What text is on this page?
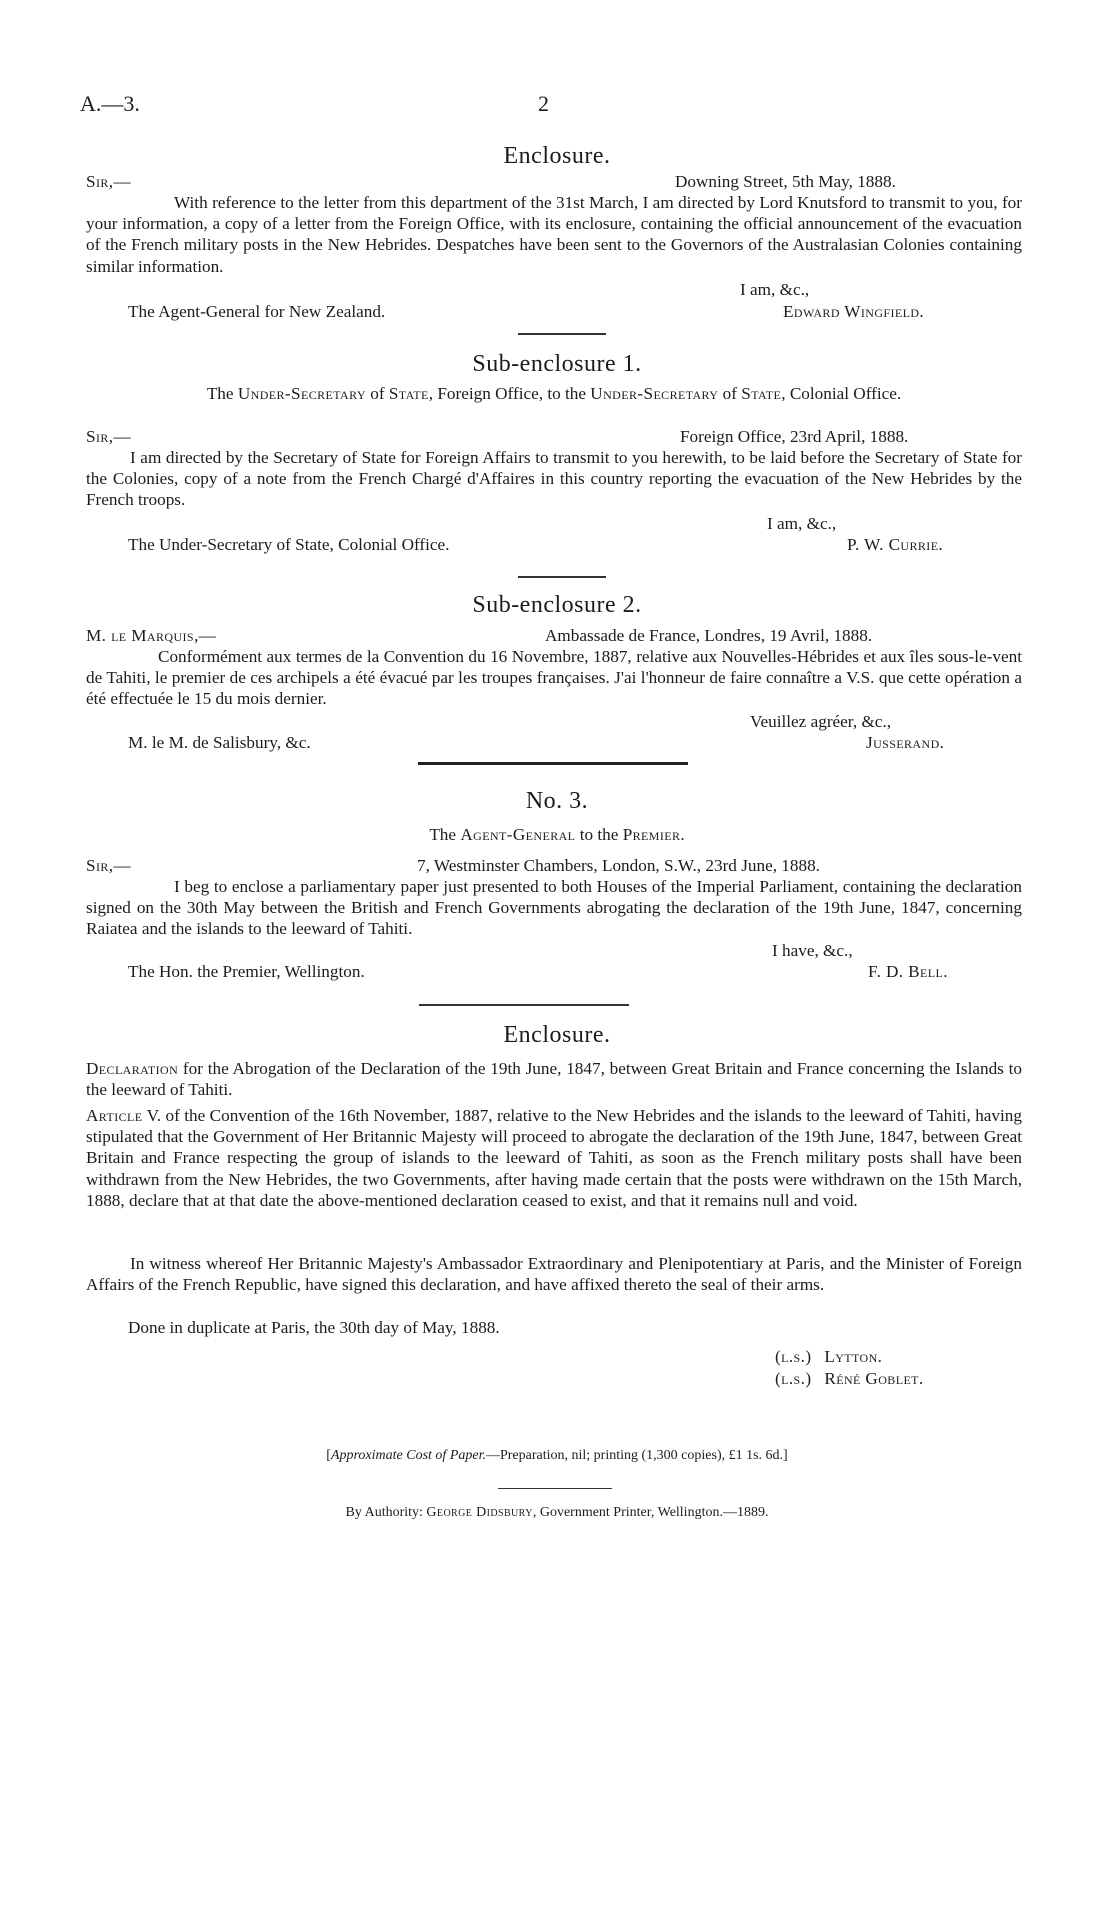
A.—3.	2
Enclosure.
Sir,—	Downing Street, 5th May, 1888.
With reference to the letter from this department of the 31st March, I am directed by Lord Knutsford to transmit to you, for your information, a copy of a letter from the Foreign Office, with its enclosure, containing the official announcement of the evacuation of the French military posts in the New Hebrides. Despatches have been sent to the Governors of the Australasian Colonies containing similar information.
I am, &c.,
The Agent-General for New Zealand.	Edward Wingfield.
Sub-enclosure 1.
The Under-Secretary of State, Foreign Office, to the Under-Secretary of State, Colonial Office.
Sir,—	Foreign Office, 23rd April, 1888.
I am directed by the Secretary of State for Foreign Affairs to transmit to you herewith, to be laid before the Secretary of State for the Colonies, copy of a note from the French Chargé d'Affaires in this country reporting the evacuation of the New Hebrides by the French troops.
I am, &c.,
The Under-Secretary of State, Colonial Office.	P. W. Currie.
Sub-enclosure 2.
M. le Marquis,—	Ambassade de France, Londres, 19 Avril, 1888.
Conformément aux termes de la Convention du 16 Novembre, 1887, relative aux Nouvelles-Hébrides et aux îles sous-le-vent de Tahiti, le premier de ces archipels a été évacué par les troupes françaises. J'ai l'honneur de faire connaître a V.S. que cette opération a été effectuée le 15 du mois dernier.
Veuillez agréer, &c.,
M. le M. de Salisbury, &c.	Jusserand.
No. 3.
The Agent-General to the Premier.
Sir,—	7, Westminster Chambers, London, S.W., 23rd June, 1888.
I beg to enclose a parliamentary paper just presented to both Houses of the Imperial Parliament, containing the declaration signed on the 30th May between the British and French Governments abrogating the declaration of the 19th June, 1847, concerning Raiatea and the islands to the leeward of Tahiti.
I have, &c.,
The Hon. the Premier, Wellington.	F. D. Bell.
Enclosure.
Declaration for the Abrogation of the Declaration of the 19th June, 1847, between Great Britain and France concerning the Islands to the leeward of Tahiti.
Article V. of the Convention of the 16th November, 1887, relative to the New Hebrides and the islands to the leeward of Tahiti, having stipulated that the Government of Her Britannic Majesty will proceed to abrogate the declaration of the 19th June, 1847, between Great Britain and France respecting the group of islands to the leeward of Tahiti, as soon as the French military posts shall have been withdrawn from the New Hebrides, the two Governments, after having made certain that the posts were withdrawn on the 15th March, 1888, declare that at that date the above-mentioned declaration ceased to exist, and that it remains null and void.
In witness whereof Her Britannic Majesty's Ambassador Extraordinary and Plenipotentiary at Paris, and the Minister of Foreign Affairs of the French Republic, have signed this declaration, and have affixed thereto the seal of their arms.
Done in duplicate at Paris, the 30th day of May, 1888.
(l.s.) Lytton.
(l.s.) Réné Goblet.
[Approximate Cost of Paper.—Preparation, nil; printing (1,300 copies), £1 1s. 6d.]
By Authority: George Didsbury, Government Printer, Wellington.—1889.
